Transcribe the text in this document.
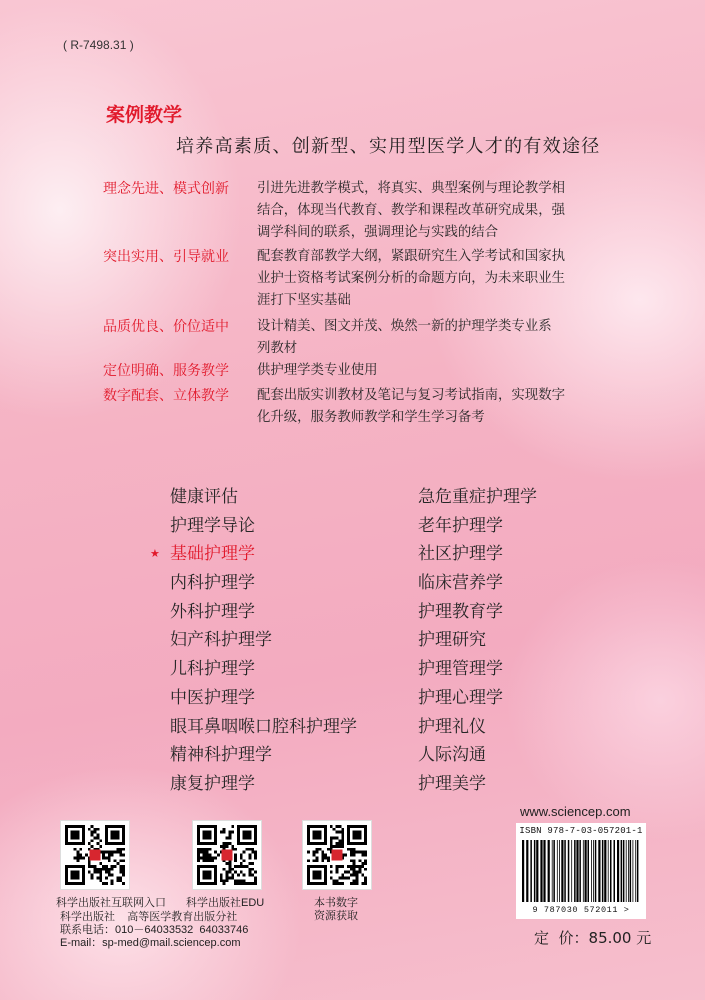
( R-7498.31 )
案例教学
培养高素质、创新型、实用型医学人才的有效途径
理念先进、模式创新 引进先进教学模式，将真实、典型案例与理论教学相
结合，体现当代教育、教学和课程改革研究成果，强
调学科间的联系，强调理论与实践的结合
突出实用、引导就业 配套教育部教学大纲，紧跟研究生入学考试和国家执
业护士资格考试案例分析的命题方向，为未来职业生
涯打下坚实基础
品质优良、价位适中 设计精美、图文并茂、焕然一新的护理学类专业系
列教材
定位明确、服务教学 供护理学类专业使用
数字配套、立体教学 配套出版实训教材及笔记与复习考试指南，实现数字
化升级，服务教师教学和学生学习备考
健康评估
护理学导论
★ 基础护理学
内科护理学
外科护理学
妇产科护理学
儿科护理学
中医护理学
眼耳鼻咽喉口腔科护理学
精神科护理学
康复护理学
急危重症护理学
老年护理学
社区护理学
临床营养学
护理教育学
护理研究
护理管理学
护理心理学
护理礼仪
人际沟通
护理美学
科学出版社互联网入口 科学出版社EDU	本书数字
资源获取
科学出版社    高等医学教育出版分社
联系电话：010－64033532  64033746
E-mail：sp-med@mail.sciencep.com
www.sciencep.com
ISBN 978-7-03-057201-1
9 787030 572011 >
定  价：85.00 元
